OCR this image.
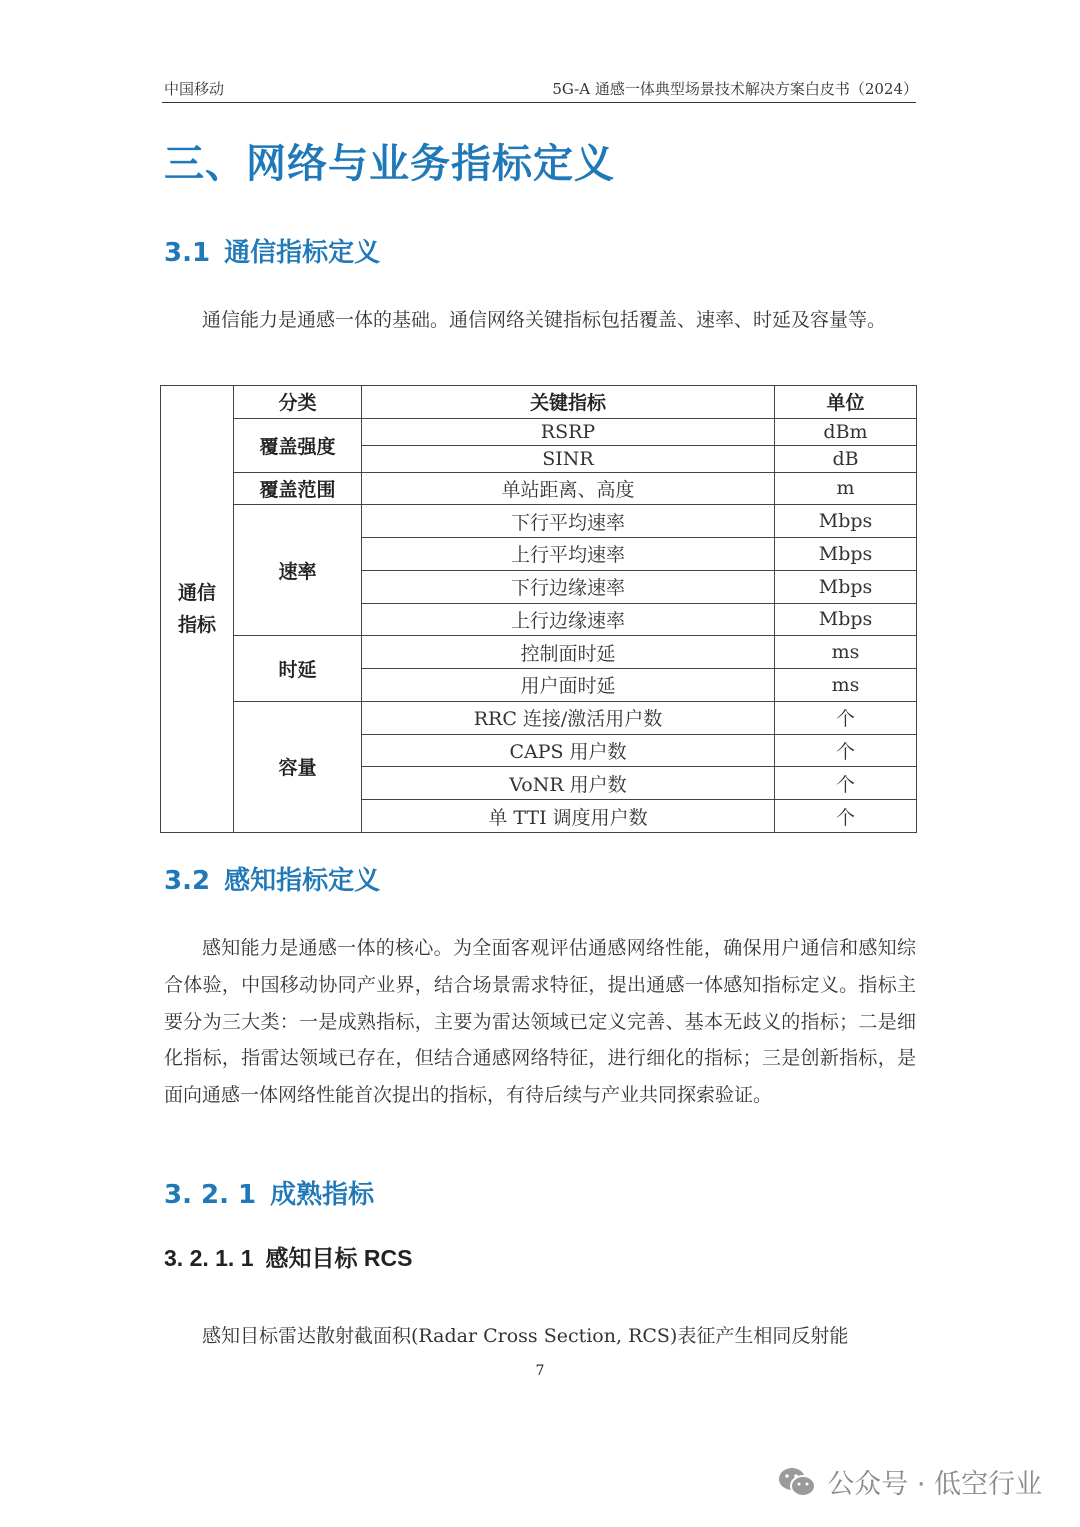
中国移动	5G-A 通感一体典型场景技术解决方案白皮书（2024）
三、网络与业务指标定义
3.1 通信指标定义
通信能力是通感一体的基础。通信网络关键指标包括覆盖、速率、时延及容量等。
通信
指标	分类	关键指标	单位
	覆盖强度	RSRP	dBm
		SINR	dB
	覆盖范围	单站距离、高度	m
	速率	下行平均速率	Mbps
		上行平均速率	Mbps
		下行边缘速率	Mbps
		上行边缘速率	Mbps
	时延	控制面时延	ms
		用户面时延	ms
	容量	RRC 连接/激活用户数	个
		CAPS 用户数	个
		VoNR 用户数	个
		单 TTI 调度用户数	个
3.2 感知指标定义
感知能力是通感一体的核心。为全面客观评估通感网络性能，确保用户通信和感知综合体验，中国移动协同产业界，结合场景需求特征，提出通感一体感知指标定义。指标主要分为三大类：一是成熟指标，主要为雷达领域已定义完善、基本无歧义的指标；二是细化指标，指雷达领域已存在，但结合通感网络特征，进行细化的指标；三是创新指标，是面向通感一体网络性能首次提出的指标，有待后续与产业共同探索验证。
3. 2. 1 成熟指标
3. 2. 1. 1 感知目标 RCS
感知目标雷达散射截面积(Radar Cross Section, RCS)表征产生相同反射能
7
公众号 · 低空行业
